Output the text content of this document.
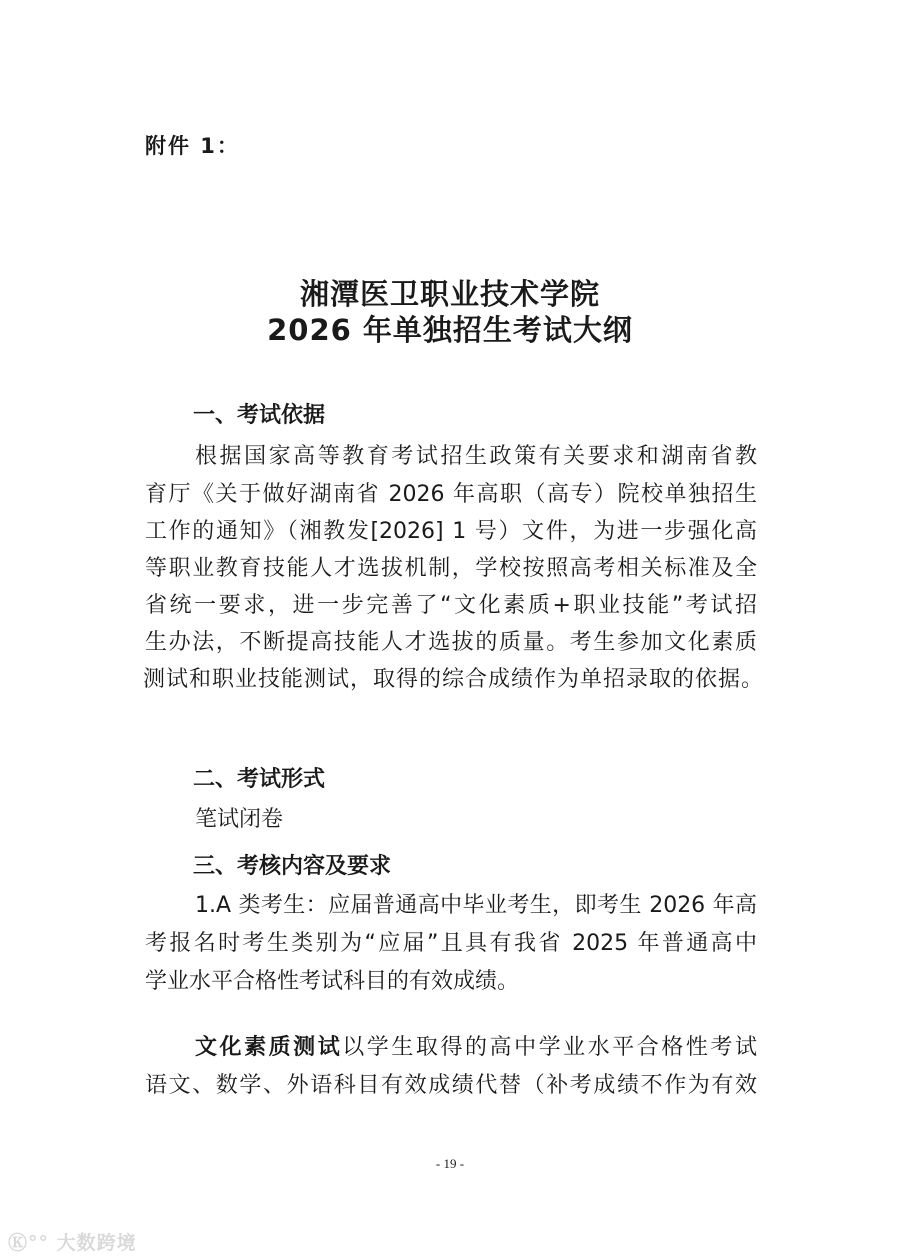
附件 1：
湘潭医卫职业技术学院
2026 年单独招生考试大纲
一、考试依据
根据国家高等教育考试招生政策有关要求和湖南省教
育厅《关于做好湖南省 2026 年高职（高专）院校单独招生
工作的通知》（湘教发[2026] 1 号）文件，为进一步强化高
等职业教育技能人才选拔机制，学校按照高考相关标准及全
省统一要求，进一步完善了“文化素质+职业技能”考试招
生办法，不断提高技能人才选拔的质量。考生参加文化素质
测试和职业技能测试，取得的综合成绩作为单招录取的依据。
二、考试形式
笔试闭卷
三、考核内容及要求
1.A 类考生：应届普通高中毕业考生，即考生 2026 年高
考报名时考生类别为“应届”且具有我省 2025 年普通高中
学业水平合格性考试科目的有效成绩。
文化素质测试以学生取得的高中学业水平合格性考试
语文、数学、外语科目有效成绩代替（补考成绩不作为有效
- 19 -
Ⓚ°° 大数跨境
